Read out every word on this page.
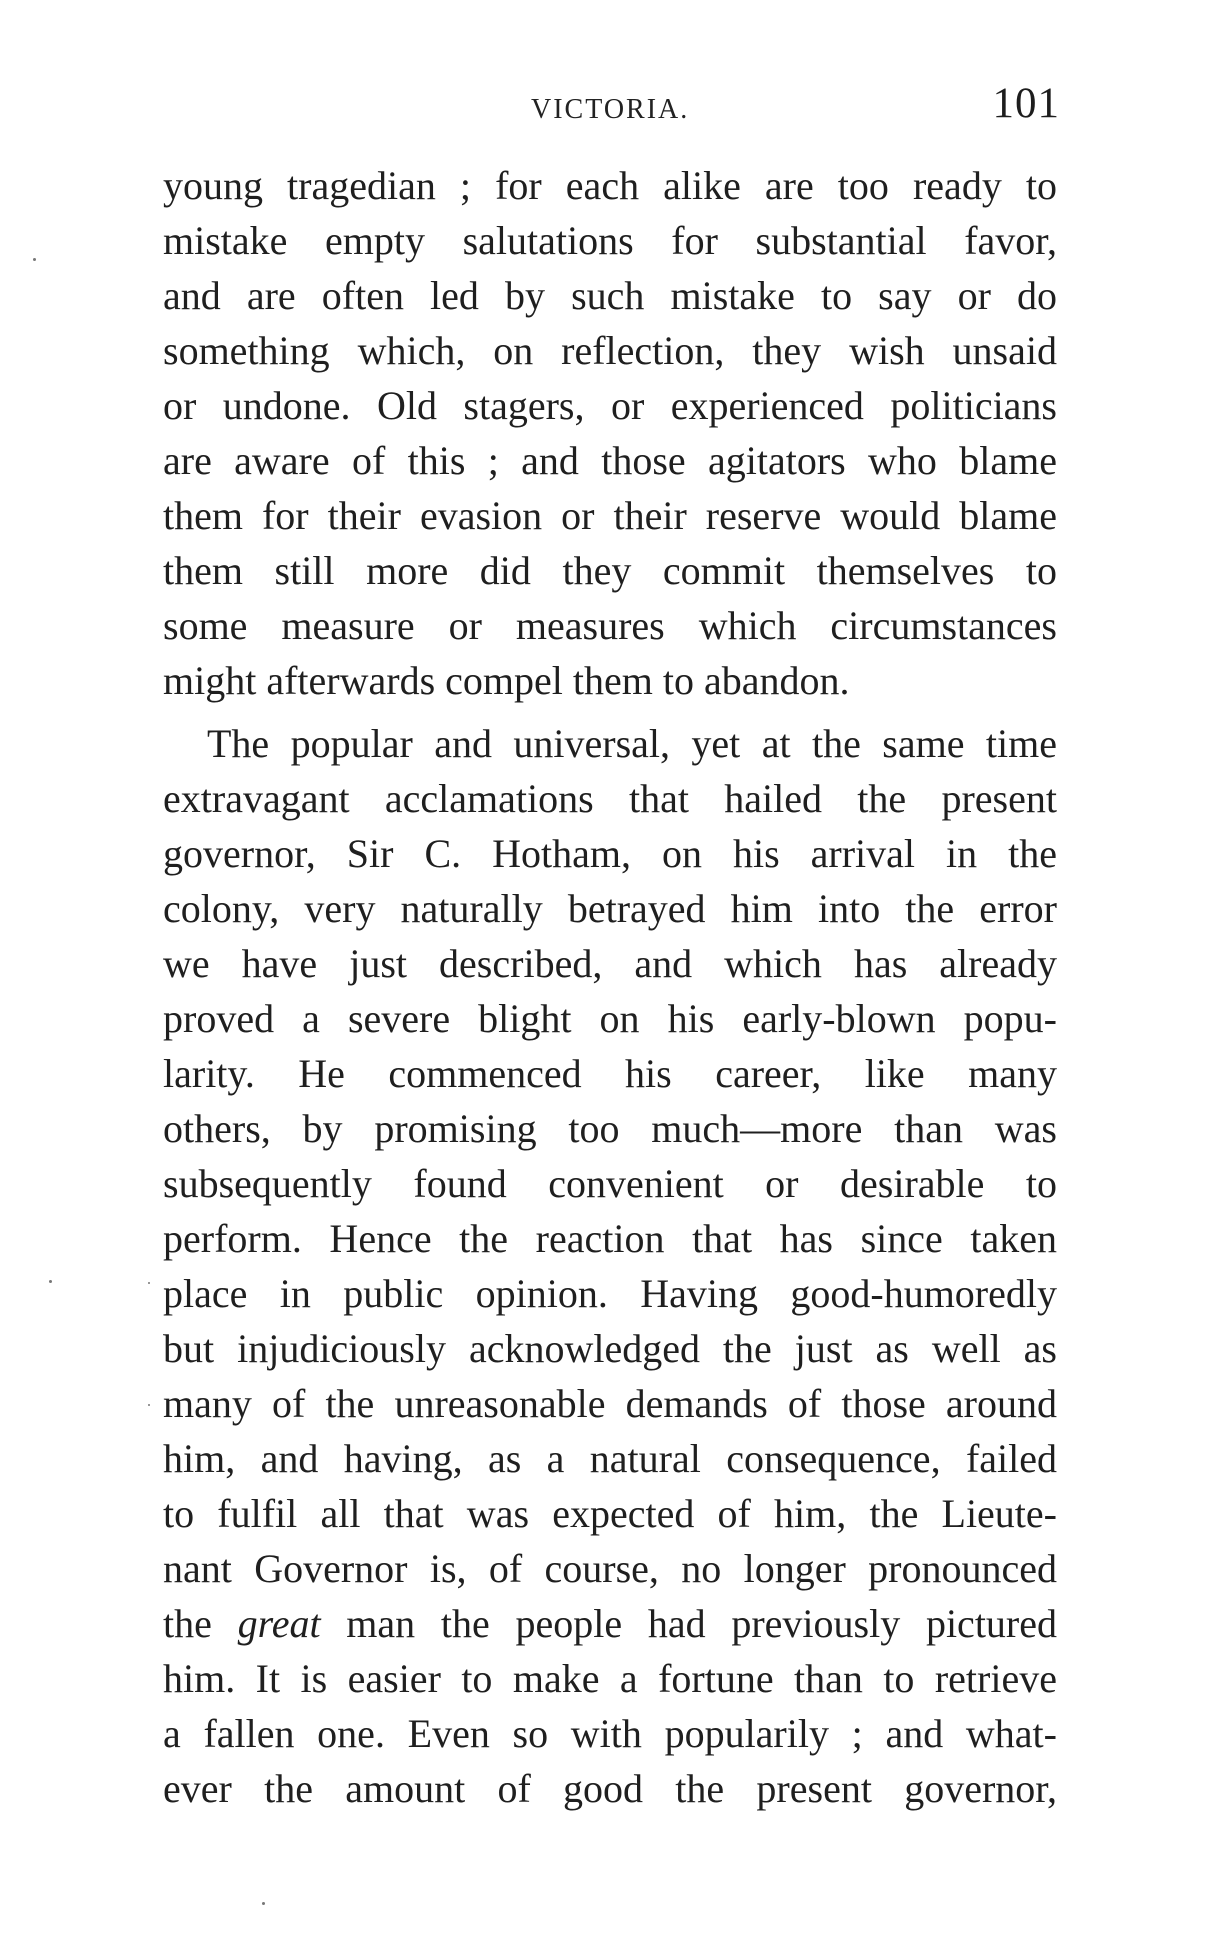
VICTORIA.	101
young tragedian ; for each alike are too ready to
mistake empty salutations for substantial favor,
and are often led by such mistake to say or do
something which, on reflection, they wish unsaid
or undone. Old stagers, or experienced politicians
are aware of this ; and those agitators who blame
them for their evasion or their reserve would blame
them still more did they commit themselves to
some measure or measures which circumstances
might afterwards compel them to abandon.
The popular and universal, yet at the same time
extravagant acclamations that hailed the present
governor, Sir C. Hotham, on his arrival in the
colony, very naturally betrayed him into the error
we have just described, and which has already
proved a severe blight on his early-blown popu-
larity. He commenced his career, like many
others, by promising too much—more than was
subsequently found convenient or desirable to
perform. Hence the reaction that has since taken
place in public opinion. Having good-humoredly
but injudiciously acknowledged the just as well as
many of the unreasonable demands of those around
him, and having, as a natural consequence, failed
to fulfil all that was expected of him, the Lieute-
nant Governor is, of course, no longer pronounced
the great man the people had previously pictured
him. It is easier to make a fortune than to retrieve
a fallen one. Even so with popularily ; and what-
ever the amount of good the present governor,
